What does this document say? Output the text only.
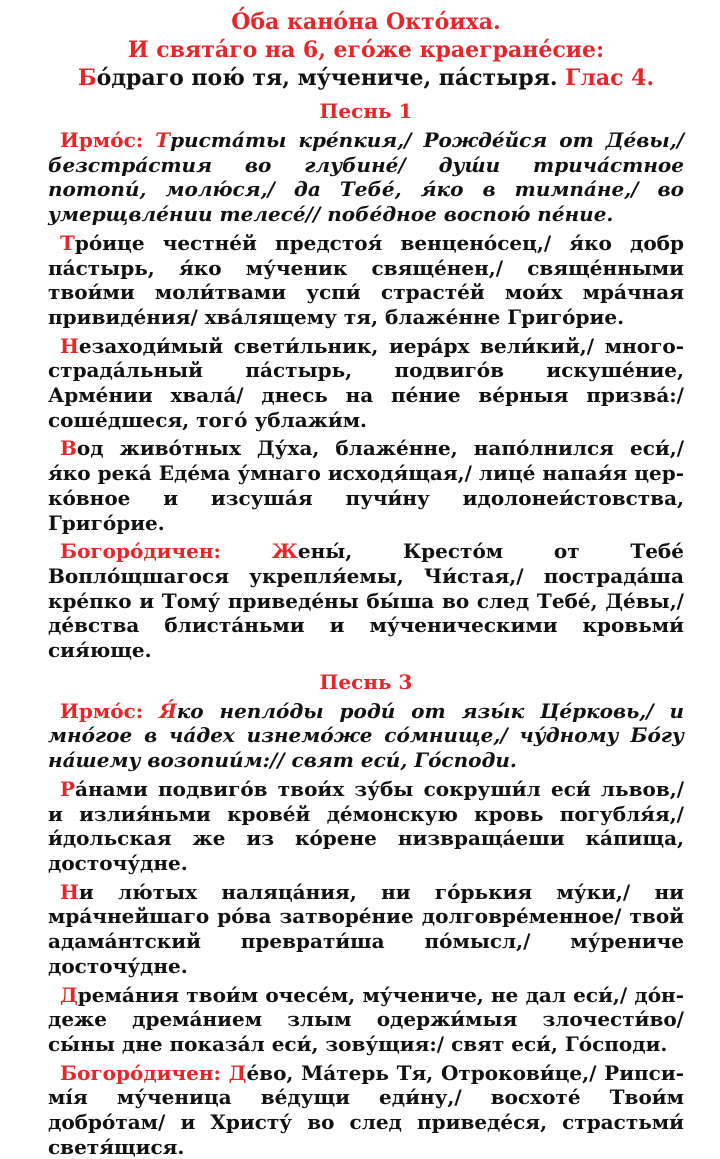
О́ба кано́на Окто́иха.
И свята́го на 6, его́же краегране́сие:
Бо́драго пою́ тя, му́чениче, па́стыря. Глас 4.
Песнь 1

Ирмо́с: Триста́ты кре́пкия,/ Рожде́йся от Де́вы,/ безстра́стия во глубине́/ душ́и трича́стное потопи́, молю́ся,/ да Тебе́, я́ко в тимпа́не,/ во умерщвле́нии телесе́// побе́дное воспою́ пе́ние.

Тро́ице честне́й предстоя́ венцено́сец,/ я́ко добр па́стырь, я́ко му́ченик свяще́нен,/ свяще́нными твои́ми моли́твами успи́ страсте́й мои́х мра́чная привиде́ния/ хва́лящему тя, блаже́нне Григо́рие.

Незаходи́мый свети́льник, иера́рх вели́кий,/ многострада́льный па́стырь, подвиго́в искуше́ние, Арме́нии хвала́/ днесь на пе́ние ве́рныя призва́:/ соше́дшеся, того́ ублажи́м.

Вод живо́тных Ду́ха, блаже́нне, напо́лнился еси́,/ я́ко река́ Еде́ма у́мнаго исходя́щая,/ лице́ напая́я церко́вное и изсуша́я пучи́ну идолонеи́стовства, Григо́рие.

Богоро́дичен:	Жены́, Кресто́м от Тебе́ Вопло́щшагося укрепля́емы, Чи́стая,/ пострада́ша кре́пко и Тому́ приведе́ны бы́ша во след Тебе́, Де́вы,/ де́вства блиста́ньми и му́ченическими кровьми́ сия́юще.

Песнь 3

Ирмо́с: Я́ко непло́ды роди́ от язы́к Це́рковь,/ и мно́гое в ча́дех изнемо́же со́мнище,/ чу́дному Бо́гу на́шему возопии́м:// свят еси́, Го́споди.

Ра́нами подвиго́в твои́х зу́бы сокруши́л еси́ львов,/ и излия́ньми крове́й де́монскую кровь погубля́я,/ и́дольская же из ко́рене низвраща́еши ка́пища, досточу́дне.

Ни лю́тых наляца́ния, ни го́рькия му́ки,/ ни мра́чнейшаго ро́ва затворе́ние долговре́менное/ твой адама́нтский преврати́ша по́мысл,/ му́рениче досточу́дне.

Дрема́ния твои́м очесе́м, му́чениче, не дал еси́,/ до́ндеже дрема́нием злым одержи́мыя злочести́во/ сы́ны дне показа́л еси́, зову́щия:/ свят еси́, Го́споди.

Богоро́дичен: Де́во, Ма́терь Тя, Отрокови́це,/ Рипсимі́я му́ченица ве́дущи еди́ну,/ восхоте́ Твои́м добро́там/ и Христу́ во след приведе́ся, страстьми́ светя́щися.
